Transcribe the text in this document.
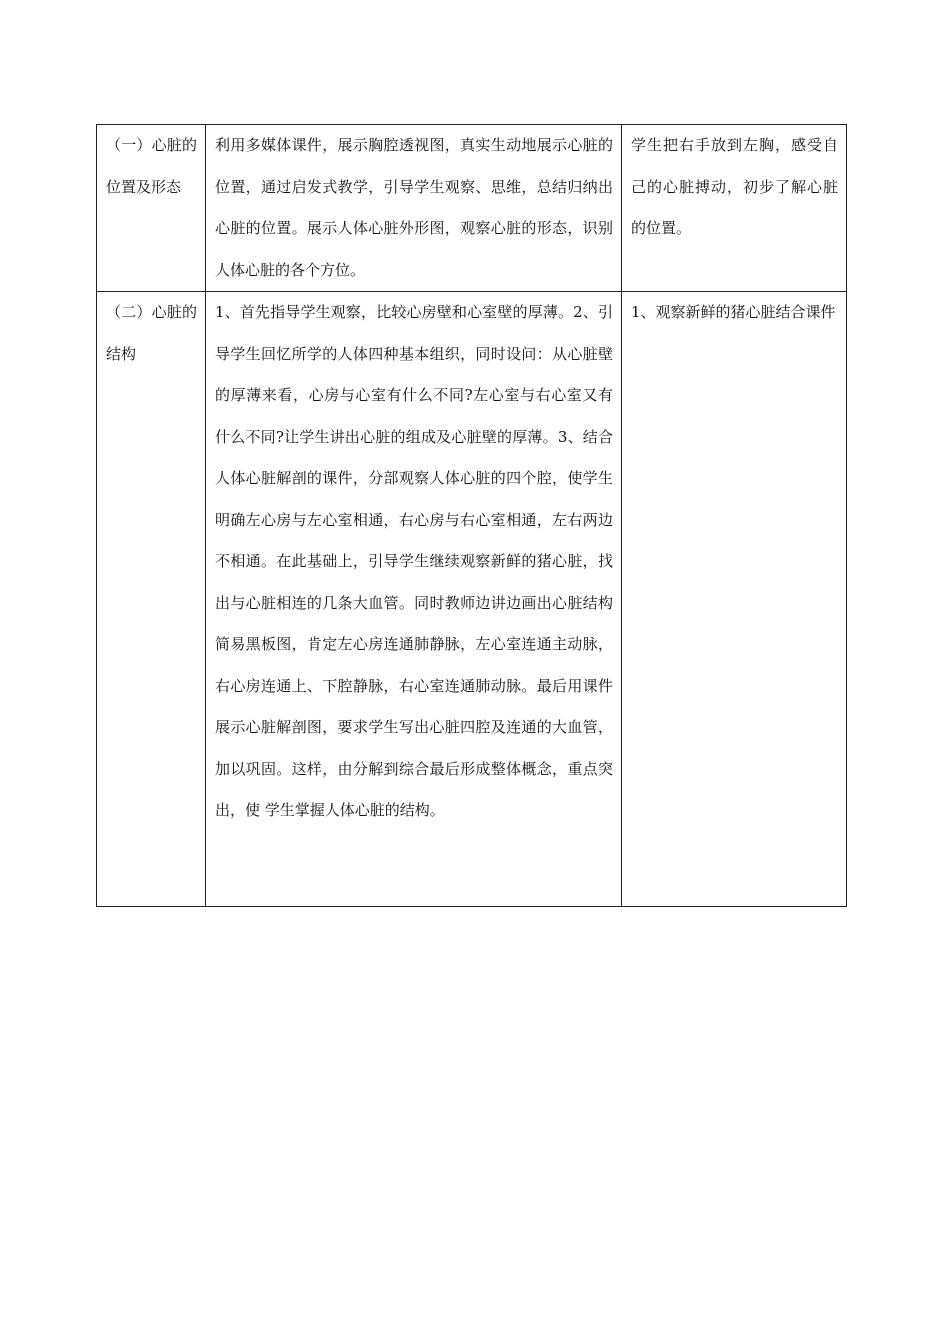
（一）心脏的位置及形态	利用多媒体课件，展示胸腔透视图，真实生动地展示心脏的位置，通过启发式教学，引导学生观察、思维，总结归纳出心脏的位置。展示人体心脏外形图，观察心脏的形态，识别人体心脏的各个方位。	学生把右手放到左胸，感受自己的心脏搏动，初步了解心脏的位置。

（二）心脏的结构	1、首先指导学生观察，比较心房壁和心室壁的厚薄。2、引导学生回忆所学的人体四种基本组织，同时设问：从心脏壁的厚薄来看，心房与心室有什么不同?左心室与右心室又有什么不同?让学生讲出心脏的组成及心脏壁的厚薄。3、结合人体心脏解剖的课件，分部观察人体心脏的四个腔，使学生明确左心房与左心室相通，右心房与右心室相通，左右两边不相通。在此基础上，引导学生继续观察新鲜的猪心脏，找出与心脏相连的几条大血管。同时教师边讲边画出心脏结构简易黑板图，肯定左心房连通肺静脉，左心室连通主动脉，右心房连通上、下腔静脉，右心室连通肺动脉。最后用课件展示心脏解剖图，要求学生写出心脏四腔及连通的大血管，加以巩固。这样，由分解到综合最后形成整体概念，重点突出，使 学生掌握人体心脏的结构。	1、观察新鲜的猪心脏结合课件
